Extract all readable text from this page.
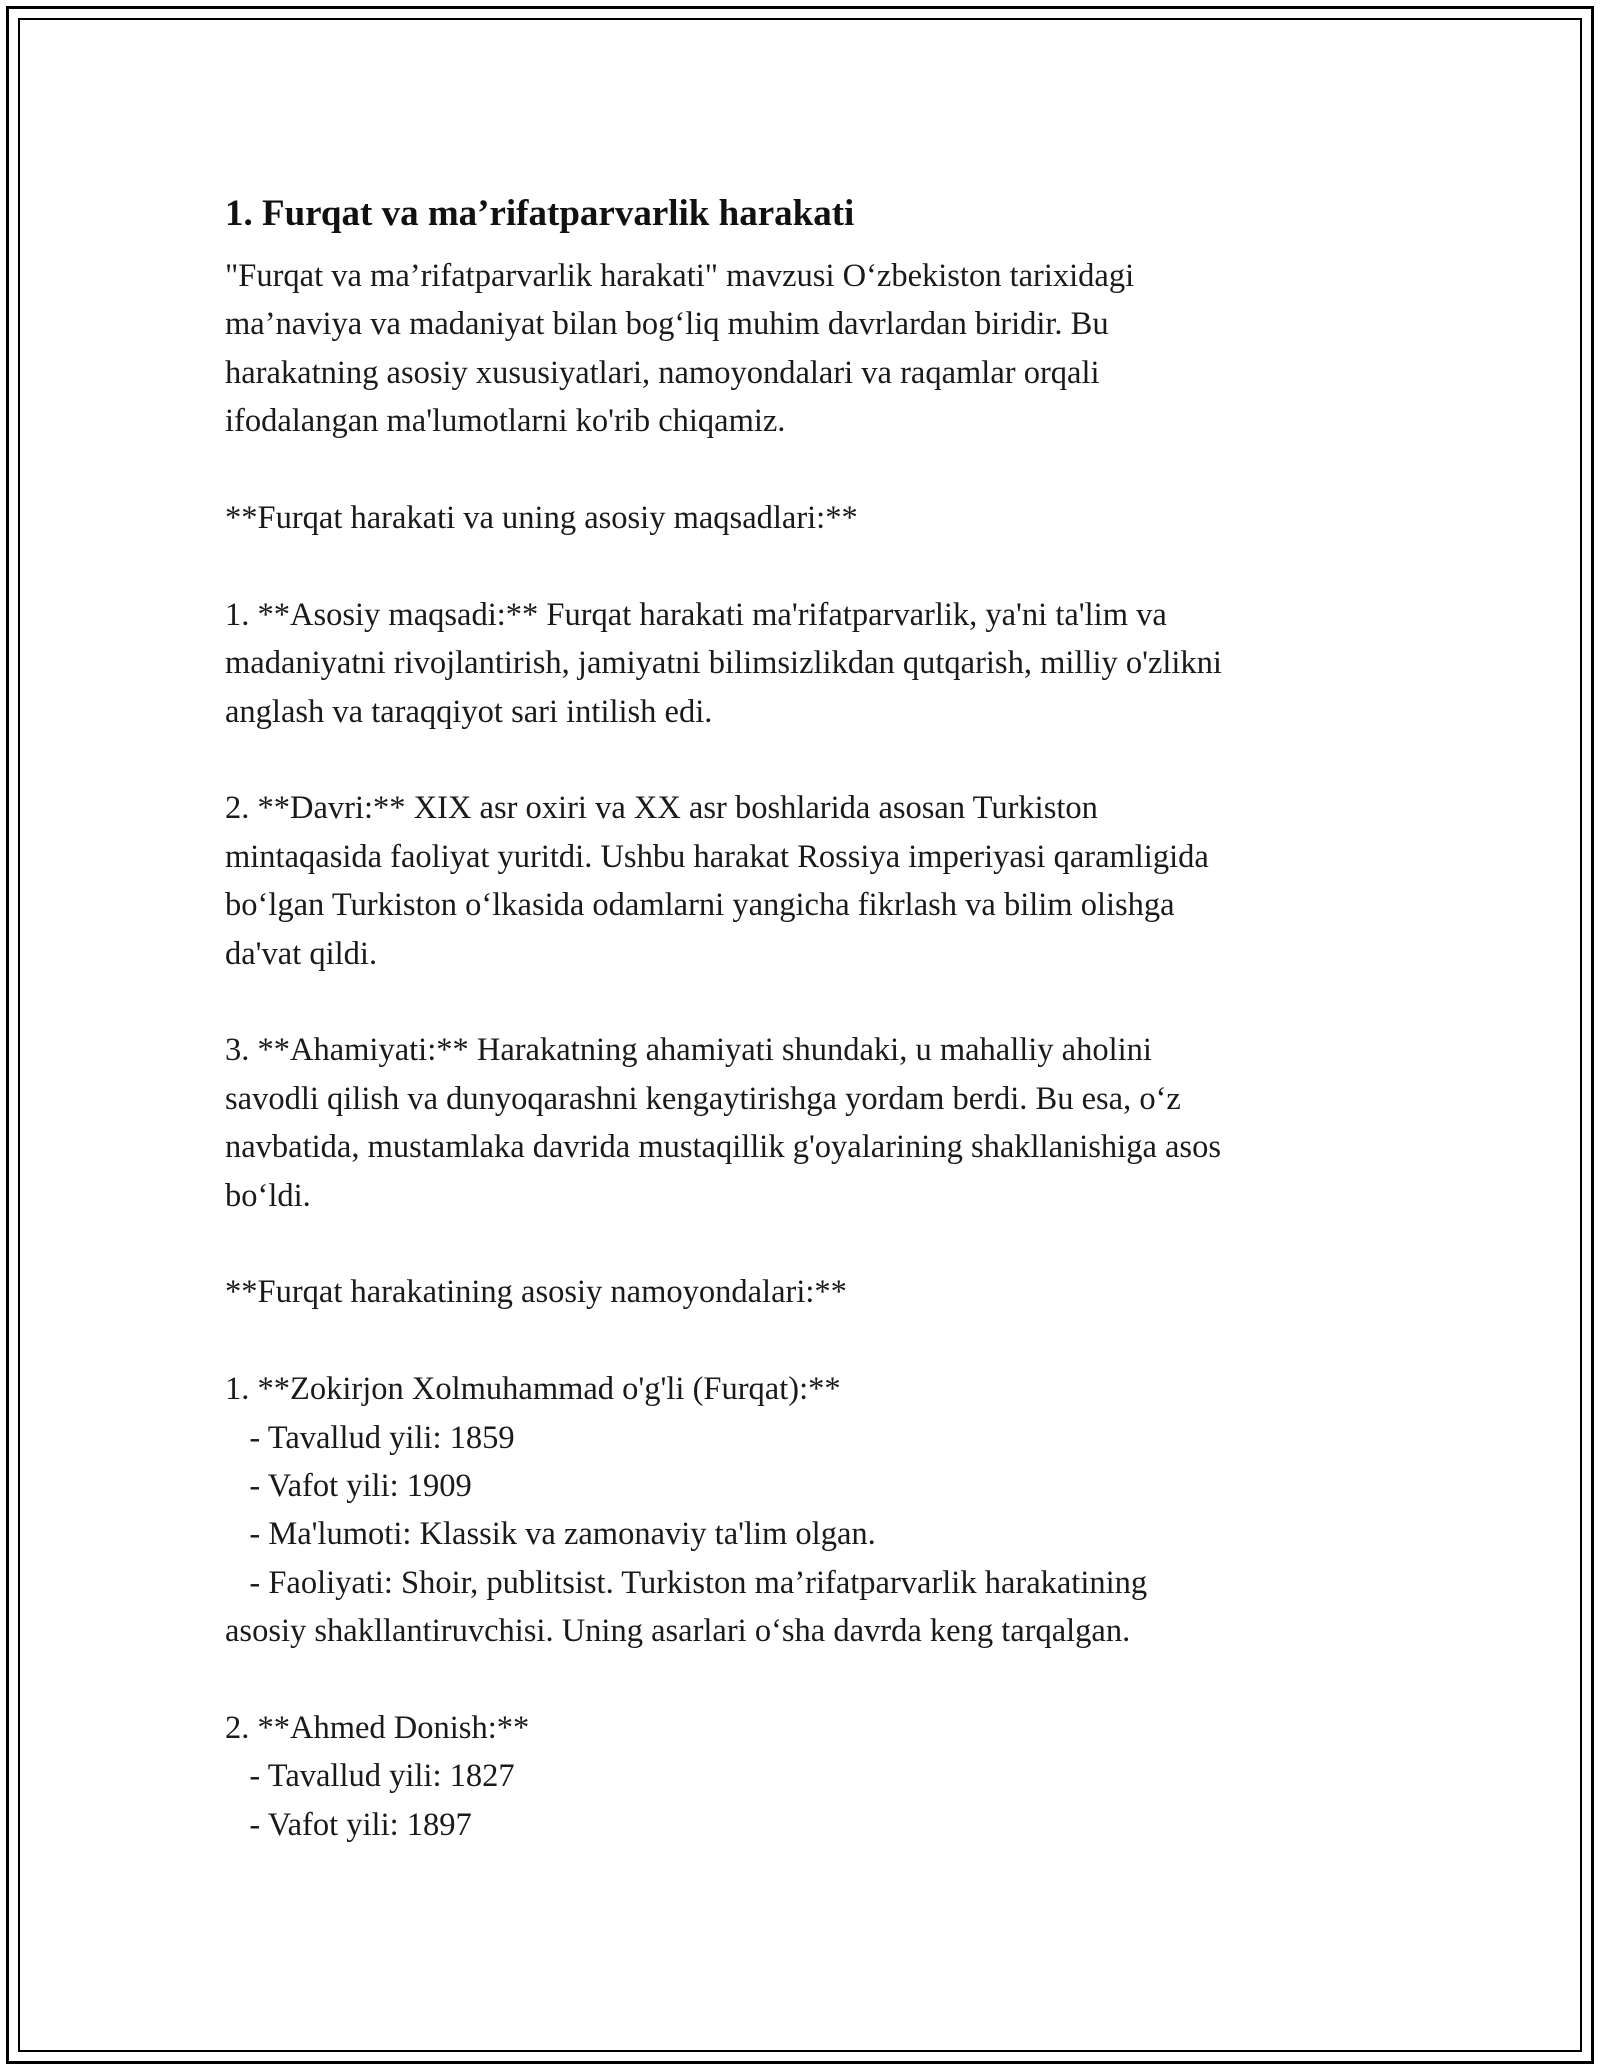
1. Furqat va ma’rifatparvarlik harakati
"Furqat va ma’rifatparvarlik harakati" mavzusi O‘zbekiston tarixidagi
ma’naviya va madaniyat bilan bog‘liq muhim davrlardan biridir. Bu
harakatning asosiy xususiyatlari, namoyondalari va raqamlar orqali
ifodalangan ma'lumotlarni ko'rib chiqamiz.
**Furqat harakati va uning asosiy maqsadlari:**
1. **Asosiy maqsadi:** Furqat harakati ma'rifatparvarlik, ya'ni ta'lim va
madaniyatni rivojlantirish, jamiyatni bilimsizlikdan qutqarish, milliy o'zlikni
anglash va taraqqiyot sari intilish edi.
2. **Davri:** XIX asr oxiri va XX asr boshlarida asosan Turkiston
mintaqasida faoliyat yuritdi. Ushbu harakat Rossiya imperiyasi qaramligida
bo‘lgan Turkiston o‘lkasida odamlarni yangicha fikrlash va bilim olishga
da'vat qildi.
3. **Ahamiyati:** Harakatning ahamiyati shundaki, u mahalliy aholini
savodli qilish va dunyoqarashni kengaytirishga yordam berdi. Bu esa, o‘z
navbatida, mustamlaka davrida mustaqillik g'oyalarining shakllanishiga asos
bo‘ldi.
**Furqat harakatining asosiy namoyondalari:**
1. **Zokirjon Xolmuhammad o'g'li (Furqat):**
- Tavallud yili: 1859
- Vafot yili: 1909
- Ma'lumoti: Klassik va zamonaviy ta'lim olgan.
- Faoliyati: Shoir, publitsist. Turkiston ma’rifatparvarlik harakatining
asosiy shakllantiruvchisi. Uning asarlari o‘sha davrda keng tarqalgan.
2. **Ahmed Donish:**
- Tavallud yili: 1827
- Vafot yili: 1897
